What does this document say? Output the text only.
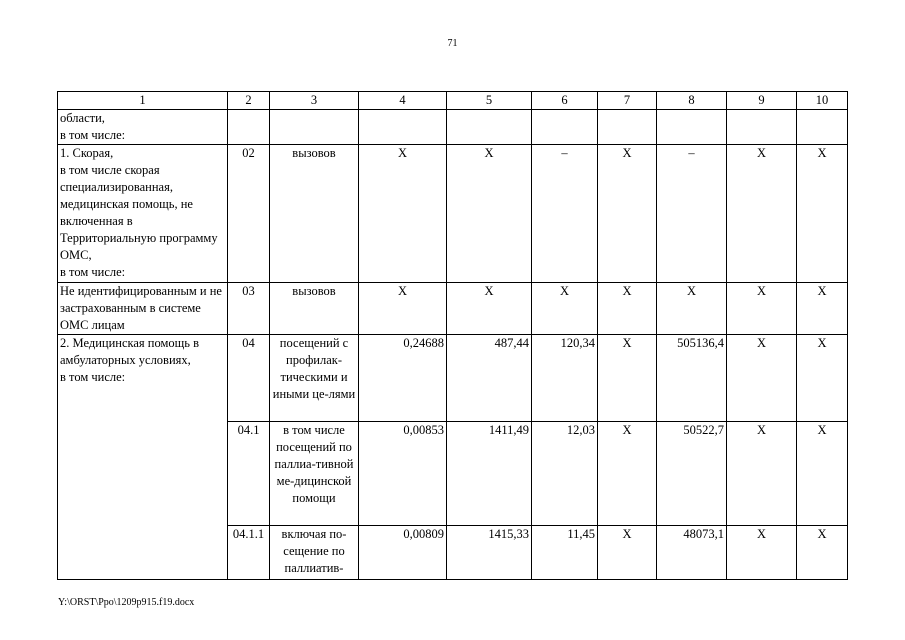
71
1	2	3	4	5	6	7	8	9	10
области,
в том числе:									
1. Скорая,
в том числе скорая специализированная, медицинская помощь, не включенная в Территориальную программу ОМС,
в том числе:	02	вызовов	X	X	–	X	–	X	X
Не идентифицированным и не застрахованным в системе ОМС лицам	03	вызовов	X	X	X	X	X	X	X
2. Медицинская помощь в амбулаторных условиях,
в том числе:	04	посещений с профилак-тическими и иными це-лями	0,24688	487,44	120,34	X	505136,4	X	X
	04.1	в том числе посещений по паллиа-тивной ме-дицинской помощи	0,00853	1411,49	12,03	X	50522,7	X	X
	04.1.1	включая по-сещение по паллиатив-	0,00809	1415,33	11,45	X	48073,1	X	X
Y:\ORST\Ppo\1209p915.f19.docx
